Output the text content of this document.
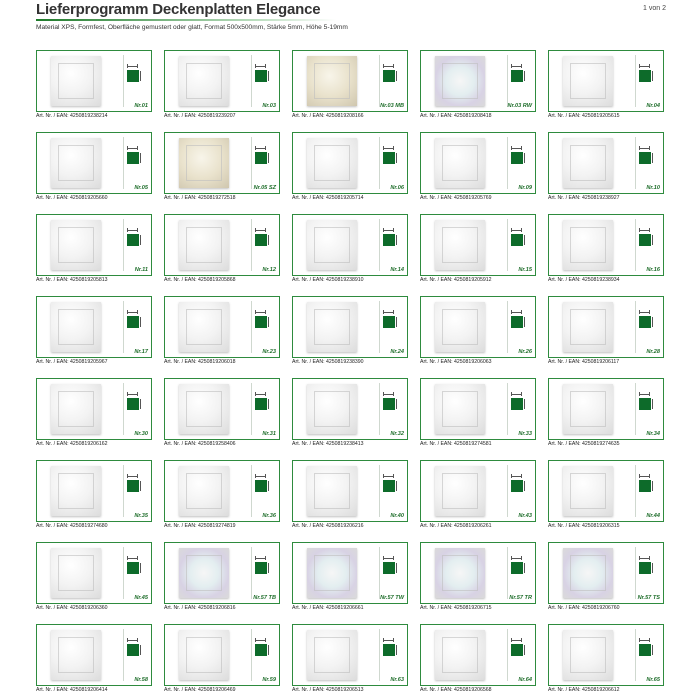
Lieferprogramm Deckenplatten Elegance	1 von 2
Material XPS, Formfest, Oberfläche gemustert oder glatt, Format 500x500mm, Stärke 5mm, Höhe 5-19mm
Nr.01
Art. Nr. / EAN: 4250819238214
Nr.03
Art. Nr. / EAN: 4250819239207
Nr.03 MB
Art. Nr. / EAN: 4250819208166
Nr.03 RW
Art. Nr. / EAN: 4250819208418
Nr.04
Art. Nr. / EAN: 4250819205615
Nr.05
Art. Nr. / EAN: 4250819205660
Nr.05 SZ
Art. Nr. / EAN: 4250819272518
Nr.06
Art. Nr. / EAN: 4250819205714
Nr.09
Art. Nr. / EAN: 4250819205769
Nr.10
Art. Nr. / EAN: 4250819238927
Nr.11
Art. Nr. / EAN: 4250819205813
Nr.12
Art. Nr. / EAN: 4250819205868
Nr.14
Art. Nr. / EAN: 4250819238910
Nr.15
Art. Nr. / EAN: 4250819205912
Nr.16
Art. Nr. / EAN: 4250819238934
Nr.17
Art. Nr. / EAN: 4250819205967
Nr.23
Art. Nr. / EAN: 4250819206018
Nr.24
Art. Nr. / EAN: 4250819238390
Nr.26
Art. Nr. / EAN: 4250819206063
Nr.28
Art. Nr. / EAN: 4250819206117
Nr.30
Art. Nr. / EAN: 4250819206162
Nr.31
Art. Nr. / EAN: 4250819258406
Nr.32
Art. Nr. / EAN: 4250819238413
Nr.33
Art. Nr. / EAN: 4250819274581
Nr.34
Art. Nr. / EAN: 4250819274635
Nr.35
Art. Nr. / EAN: 4250819274680
Nr.36
Art. Nr. / EAN: 4250819274819
Nr.40
Art. Nr. / EAN: 4250819206216
Nr.43
Art. Nr. / EAN: 4250819206261
Nr.44
Art. Nr. / EAN: 4250819206315
Nr.45
Art. Nr. / EAN: 4250819206360
Nr.57 TB
Art. Nr. / EAN: 4250819206816
Nr.57 TW
Art. Nr. / EAN: 4250819206661
Nr.57 TR
Art. Nr. / EAN: 4250819206715
Nr.57 TS
Art. Nr. / EAN: 4250819206760
Nr.58
Art. Nr. / EAN: 4250819206414
Nr.59
Art. Nr. / EAN: 4250819206469
Nr.63
Art. Nr. / EAN: 4250819206513
Nr.64
Art. Nr. / EAN: 4250819206568
Nr.65
Art. Nr. / EAN: 4250819206612
